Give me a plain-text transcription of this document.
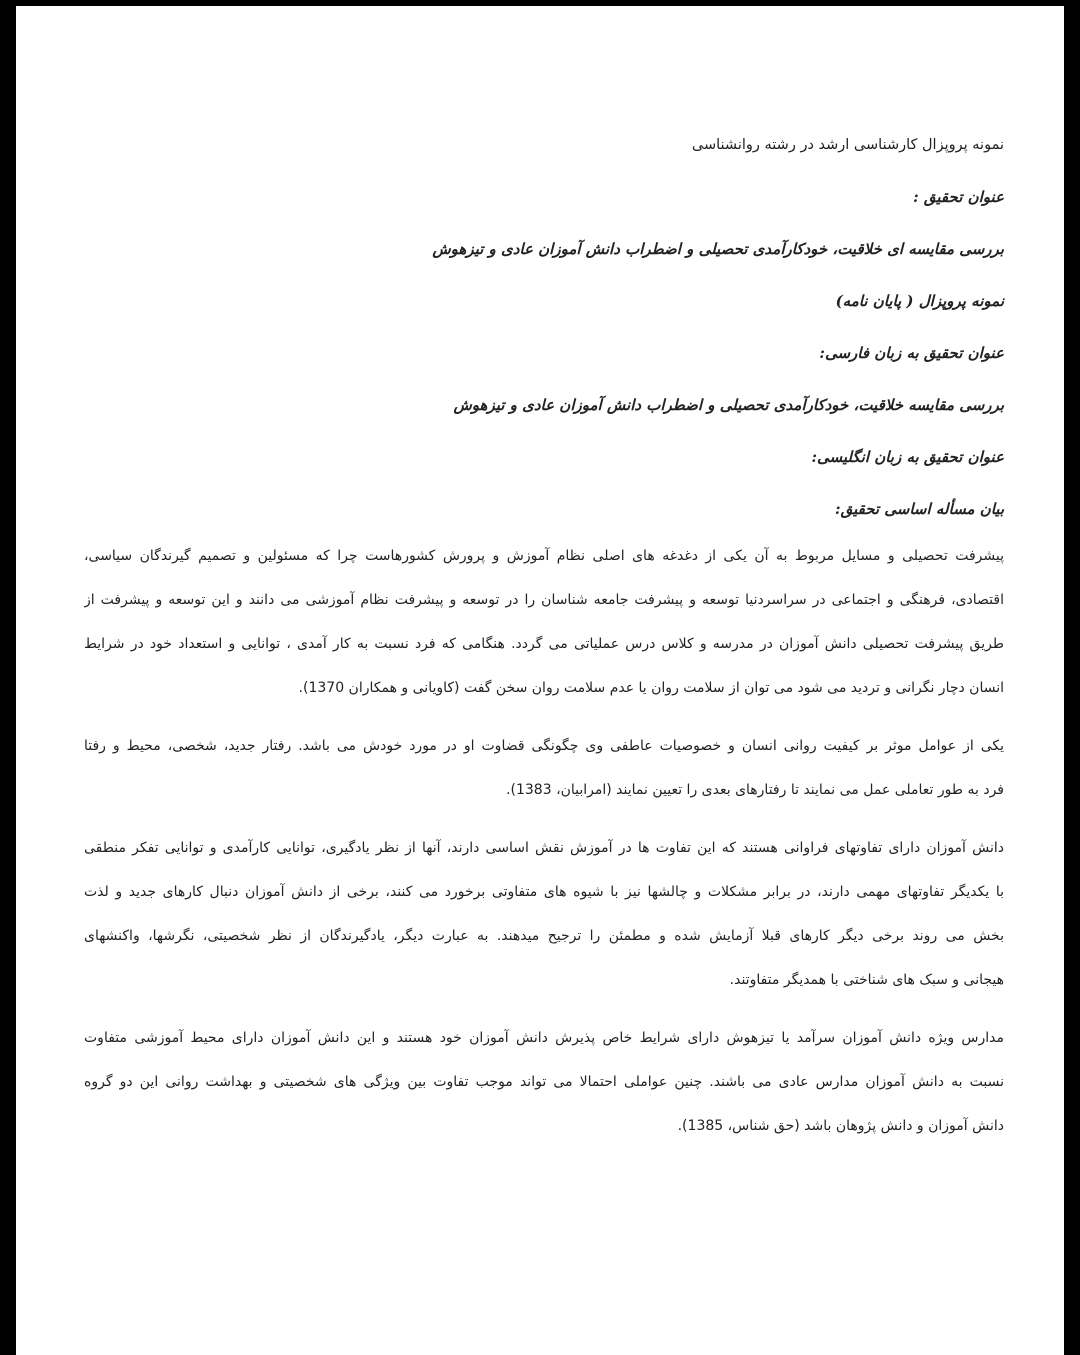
نمونه پروپزال کارشناسی ارشد در رشته روانشناسی

عنوان تحقیق :

بررسی مقایسه ای خلاقیت، خودکارآمدی تحصیلی و اضطراب دانش آموزان عادی و تیزهوش

نمونه پروپزال ( پایان نامه)

عنوان تحقیق به زبان فارسی:

بررسی مقایسه خلاقیت، خودکارآمدی تحصیلی و اضطراب دانش آموزان عادی و تیزهوش

عنوان تحقیق به زبان انگلیسی:

بیان مسأله اساسی تحقیق:

پیشرفت تحصیلی و مسایل مربوط به آن یکی از دغدغه های اصلی نظام آموزش و پرورش کشورهاست چرا که مسئولین و تصمیم گیرندگان سیاسی،
اقتصادی، فرهنگی و اجتماعی در سراسردنیا توسعه و پیشرفت جامعه شناسان را در توسعه و پیشرفت نظام آموزشی می دانند و این توسعه و پیشرفت از
طریق پیشرفت تحصیلی دانش آموزان در مدرسه و کلاس درس عملیاتی می گردد. هنگامی که فرد نسبت به کار آمدی ، توانایی و استعداد خود در شرایط
انسان دچار نگرانی و تردید می شود می توان از سلامت روان یا عدم سلامت روان سخن گفت (کاویانی و همکاران 1370).
یکی از عوامل موثر بر کیفیت روانی انسان و خصوصیات عاطفی وی چگونگی قضاوت او در مورد خودش می باشد. رفتار جدید، شخصی، محیط و رفتا
فرد به طور تعاملی عمل می نمایند تا رفتارهای بعدی را تعیین نمایند (امرابیان، 1383).
دانش آموزان دارای تفاوتهای فراوانی هستند که این تفاوت ها در آموزش نقش اساسی دارند، آنها از نظر یادگیری، توانایی کارآمدی و توانایی تفکر منطقی
با یکدیگر تفاوتهای مهمی دارند، در برابر مشکلات و چالشها نیز با شیوه های متفاوتی برخورد می کنند، برخی از دانش آموزان دنبال کارهای جدید و لذت
بخش می روند برخی دیگر کارهای قبلا آزمایش شده و مطمئن را ترجیح میدهند. به عبارت دیگر، یادگیرندگان از نظر شخصیتی، نگرشها، واکنشهای
هیجانی و سبک های شناختی با همدیگر متفاوتند.
مدارس ویژه دانش آموزان سرآمد یا تیزهوش دارای شرایط خاص پذیرش دانش آموزان خود هستند و این دانش آموزان دارای محیط آموزشی متفاوت
نسبت به دانش آموزان مدارس عادی می باشند. چنین عواملی احتمالا می تواند موجب تفاوت بین ویژگی های شخصیتی و بهداشت روانی این دو گروه
دانش آموزان و دانش پژوهان باشد (حق شناس، 1385).
